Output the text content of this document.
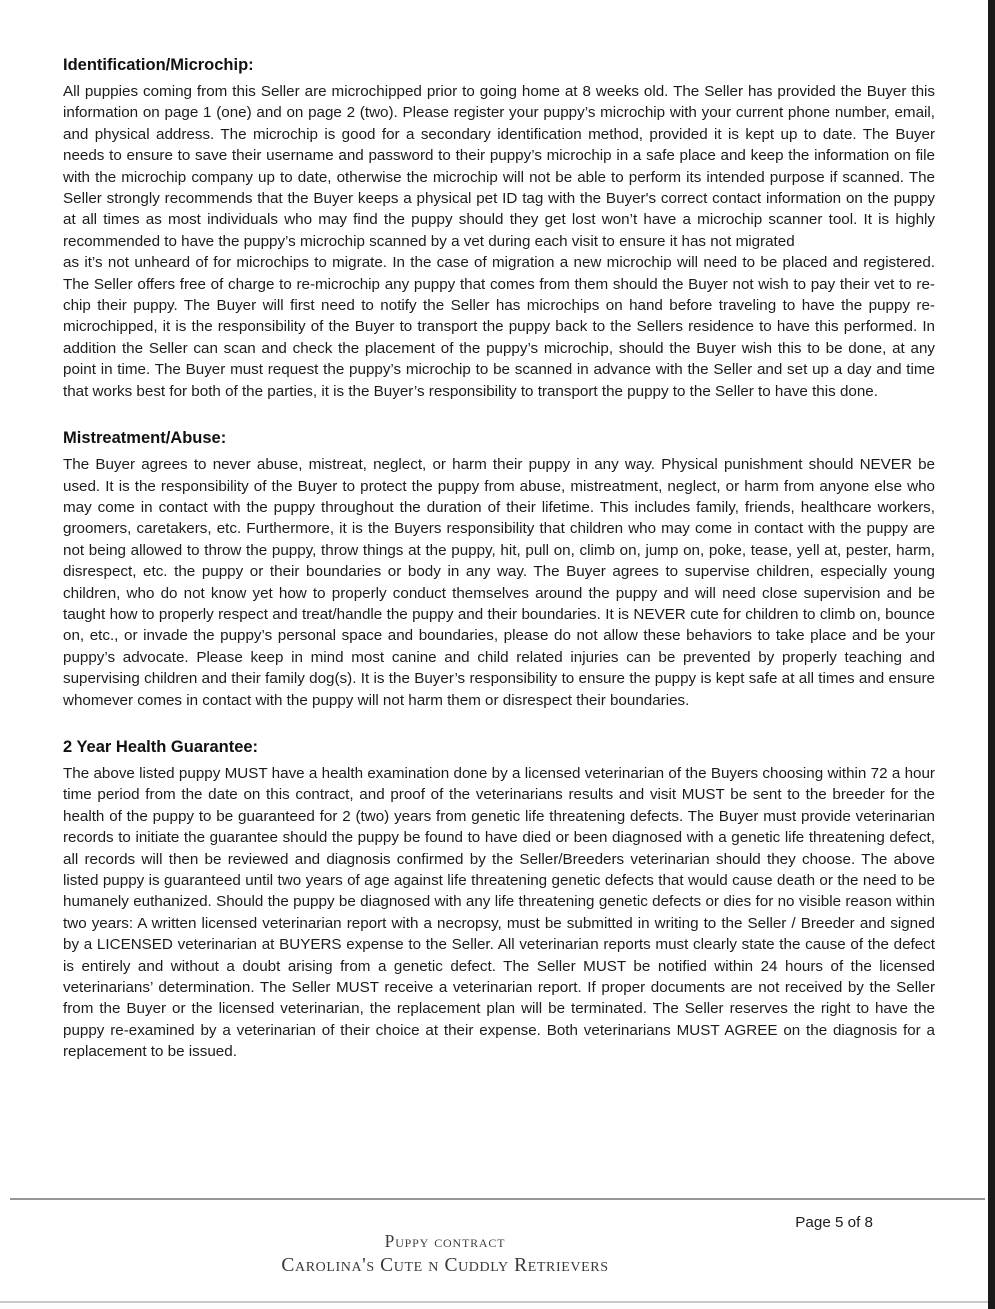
Identification/Microchip:

All puppies coming from this Seller are microchipped prior to going home at 8 weeks old. The Seller has provided the Buyer this information on page 1 (one) and on page 2 (two). Please register your puppy’s microchip with your current phone number, email, and physical address. The microchip is good for a secondary identification method, provided it is kept up to date. The Buyer needs to ensure to save their username and password to their puppy’s microchip in a safe place and keep the information on file with the microchip company up to date, otherwise the microchip will not be able to perform its intended purpose if scanned. The Seller strongly recommends that the Buyer keeps a physical pet ID tag with the Buyer's correct contact information on the puppy at all times as most individuals who may find the puppy should they get lost won’t have a microchip scanner tool. It is highly recommended to have the puppy’s microchip scanned by a vet during each visit to ensure it has not migrated

as it’s not unheard of for microchips to migrate. In the case of migration a new microchip will need to be placed and registered. The Seller offers free of charge to re-microchip any puppy that comes from them should the Buyer not wish to pay their vet to re-chip their puppy. The Buyer will first need to notify the Seller has microchips on hand before traveling to have the puppy re-microchipped, it is the responsibility of the Buyer to transport the puppy back to the Sellers residence to have this performed. In addition the Seller can scan and check the placement of the puppy’s microchip, should the Buyer wish this to be done, at any point in time. The Buyer must request the puppy’s microchip to be scanned in advance with the Seller and set up a day and time that works best for both of the parties, it is the Buyer’s responsibility to transport the puppy to the Seller to have this done.

Mistreatment/Abuse:

The Buyer agrees to never abuse, mistreat, neglect, or harm their puppy in any way. Physical punishment should NEVER be used. It is the responsibility of the Buyer to protect the puppy from abuse, mistreatment, neglect, or harm from anyone else who may come in contact with the puppy throughout the duration of their lifetime. This includes family, friends, healthcare workers, groomers, caretakers, etc. Furthermore, it is the Buyers responsibility that children who may come in contact with the puppy are not being allowed to throw the puppy, throw things at the puppy, hit, pull on, climb on, jump on, poke, tease, yell at, pester, harm, disrespect, etc. the puppy or their boundaries or body in any way. The Buyer agrees to supervise children, especially young children, who do not know yet how to properly conduct themselves around the puppy and will need close supervision and be taught how to properly respect and treat/handle the puppy and their boundaries. It is NEVER cute for children to climb on, bounce on, etc., or invade the puppy’s personal space and boundaries, please do not allow these behaviors to take place and be your puppy’s advocate. Please keep in mind most canine and child related injuries can be prevented by properly teaching and supervising children and their family dog(s). It is the Buyer’s responsibility to ensure the puppy is kept safe at all times and ensure whomever comes in contact with the puppy will not harm them or disrespect their boundaries.

2 Year Health Guarantee:

The above listed puppy MUST have a health examination done by a licensed veterinarian of the Buyers choosing within 72 a hour time period from the date on this contract, and proof of the veterinarians results and visit MUST be sent to the breeder for the health of the puppy to be guaranteed for 2 (two) years from genetic life threatening defects. The Buyer must provide veterinarian records to initiate the guarantee should the puppy be found to have died or been diagnosed with a genetic life threatening defect, all records will then be reviewed and diagnosis confirmed by the Seller/Breeders veterinarian should they choose. The above listed puppy is guaranteed until two years of age against life threatening genetic defects that would cause death or the need to be humanely euthanized. Should the puppy be diagnosed with any life threatening genetic defects or dies for no visible reason within two years: A written licensed veterinarian report with a necropsy, must be submitted in writing to the Seller / Breeder and signed by a LICENSED veterinarian at BUYERS expense to the Seller. All veterinarian reports must clearly state the cause of the defect is entirely and without a doubt arising from a genetic defect. The Seller MUST be notified within 24 hours of the licensed veterinarians’ determination. The Seller MUST receive a veterinarian report. If proper documents are not received by the Seller from the Buyer or the licensed veterinarian, the replacement plan will be terminated. The Seller reserves the right to have the puppy re-examined by a veterinarian of their choice at their expense. Both veterinarians MUST AGREE on the diagnosis for a replacement to be issued.

Page 5 of 8
Puppy contract
Carolina's Cute n Cuddly Retrievers
